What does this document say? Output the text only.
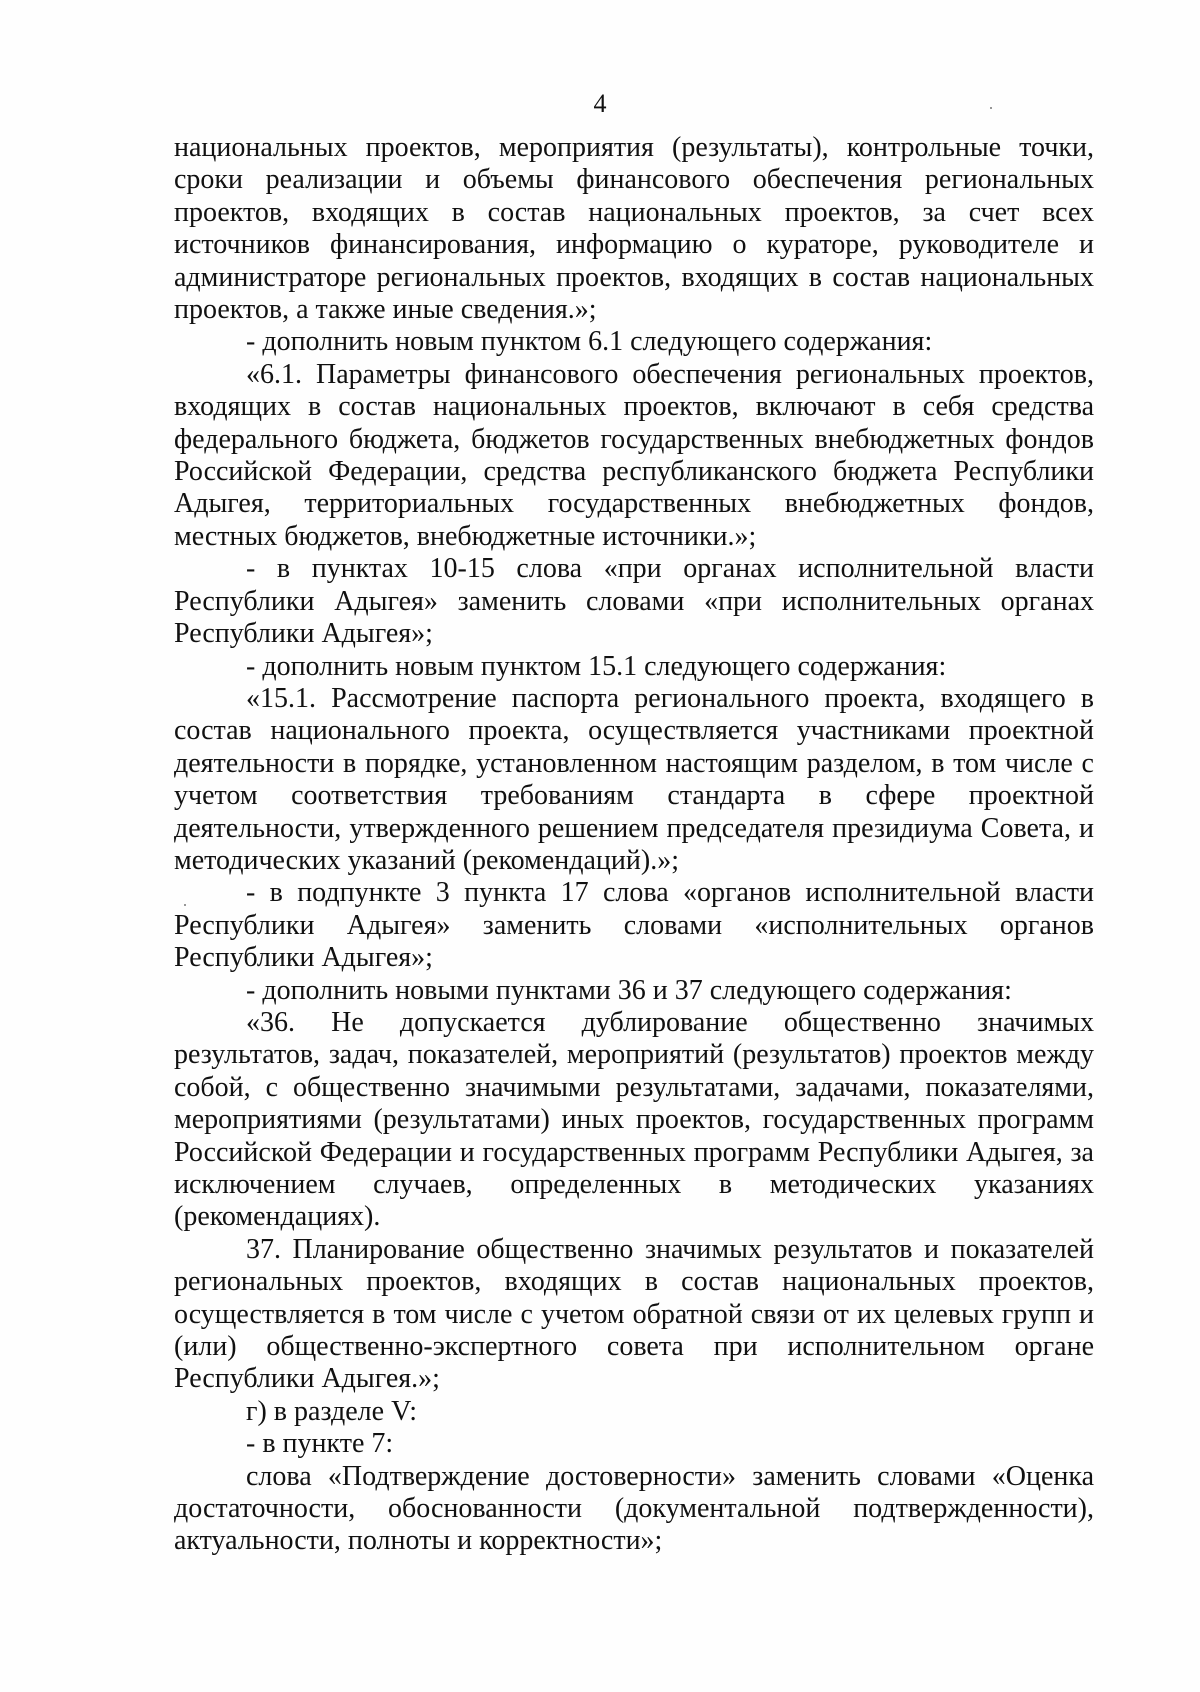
4

национальных проектов, мероприятия (результаты), контрольные точки, сроки реализации и объемы финансового обеспечения региональных проектов, входящих в состав национальных проектов, за счет всех источников финансирования, информацию о кураторе, руководителе и администраторе региональных проектов, входящих в состав национальных проектов, а также иные сведения.»;

- дополнить новым пунктом 6.1 следующего содержания:

«6.1. Параметры финансового обеспечения региональных проектов, входящих в состав национальных проектов, включают в себя средства федерального бюджета, бюджетов государственных внебюджетных фондов Российской Федерации, средства республиканского бюджета Республики Адыгея, территориальных государственных внебюджетных фондов, местных бюджетов, внебюджетные источники.»;

- в пунктах 10-15 слова «при органах исполнительной власти Республики Адыгея» заменить словами «при исполнительных органах Республики Адыгея»;

- дополнить новым пунктом 15.1 следующего содержания:

«15.1. Рассмотрение паспорта регионального проекта, входящего в состав национального проекта, осуществляется участниками проектной деятельности в порядке, установленном настоящим разделом, в том числе с учетом соответствия требованиям стандарта в сфере проектной деятельности, утвержденного решением председателя президиума Совета, и методических указаний (рекомендаций).»;

- в подпункте 3 пункта 17 слова «органов исполнительной власти Республики Адыгея» заменить словами «исполнительных органов Республики Адыгея»;

- дополнить новыми пунктами 36 и 37 следующего содержания:

«36. Не допускается дублирование общественно значимых результатов, задач, показателей, мероприятий (результатов) проектов между собой, с общественно значимыми результатами, задачами, показателями, мероприятиями (результатами) иных проектов, государственных программ Российской Федерации и государственных программ Республики Адыгея, за исключением случаев, определенных в методических указаниях (рекомендациях).

37. Планирование общественно значимых результатов и показателей региональных проектов, входящих в состав национальных проектов, осуществляется в том числе с учетом обратной связи от их целевых групп и (или) общественно-экспертного совета при исполнительном органе Республики Адыгея.»;

г) в разделе V:

- в пункте 7:

слова «Подтверждение достоверности» заменить словами «Оценка достаточности, обоснованности (документальной подтвержденности), актуальности, полноты и корректности»;
